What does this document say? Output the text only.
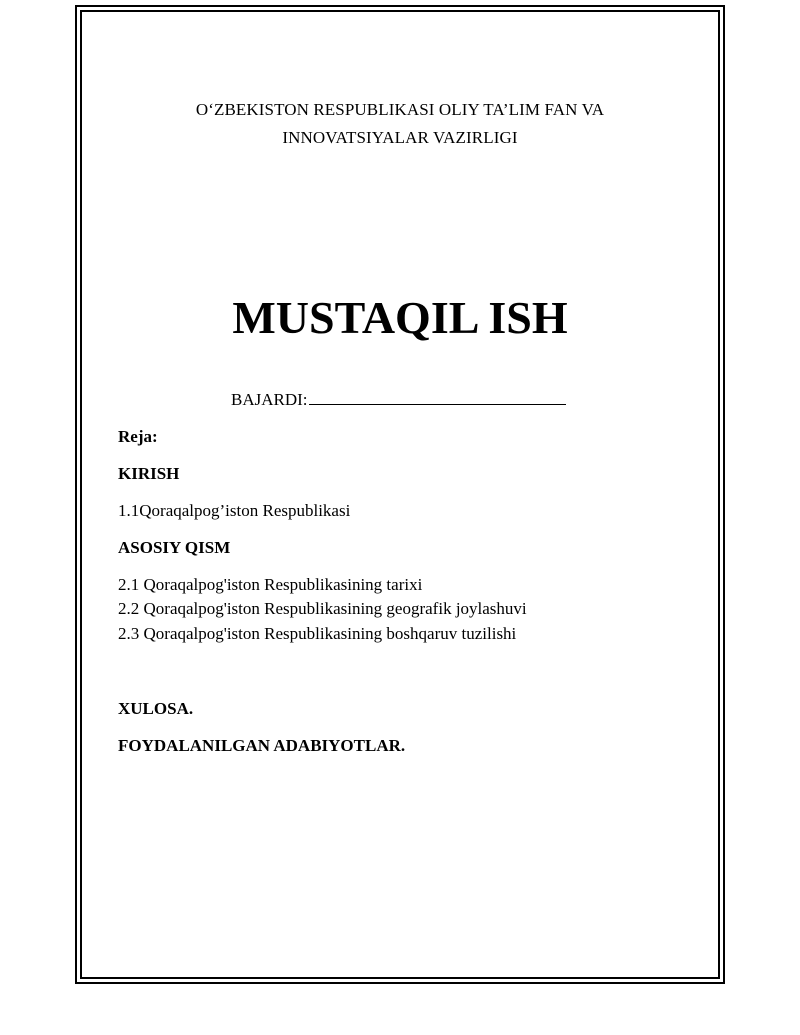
O‘ZBEKISTON RESPUBLIKASI OLIY TA’LIM FAN VA
INNOVATSIYALAR VAZIRLIGI
MUSTAQIL ISH
BAJARDI:
Reja:
KIRISH
1.1Qoraqalpog’iston Respublikasi
ASOSIY QISM
2.1 Qoraqalpog'iston Respublikasining tarixi
2.2 Qoraqalpog'iston Respublikasining geografik joylashuvi
2.3 Qoraqalpog'iston Respublikasining boshqaruv tuzilishi
XULOSA.
FOYDALANILGAN ADABIYOTLAR.
